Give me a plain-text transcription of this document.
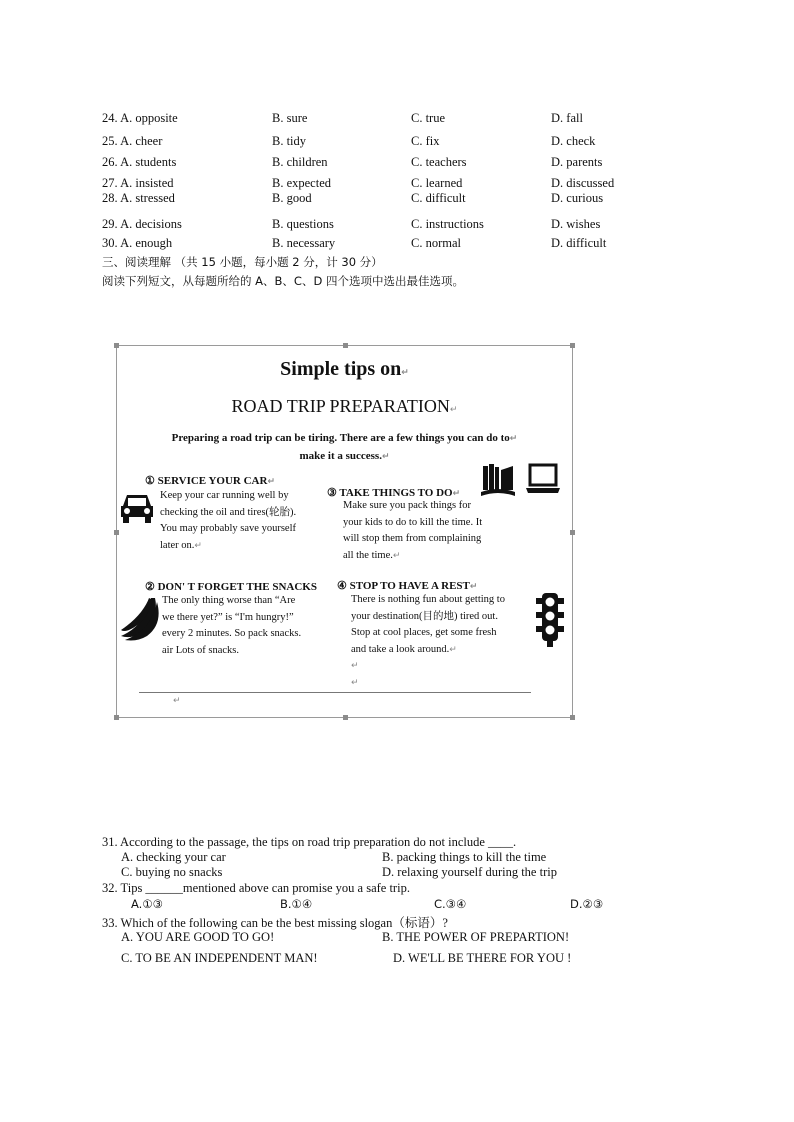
24. A. opposite	B. sure	C. true	D. fall
25. A. cheer	B. tidy	C. fix	D. check
26. A. students	B. children	C. teachers	D. parents
27. A. insisted	B. expected	C. learned	D. discussed
28. A. stressed	B. good	C. difficult	D. curious
29. A. decisions	B. questions	C. instructions	D. wishes
30. A. enough	B. necessary	C. normal	D. difficult
三、阅读理解 （共 15 小题，每小题 2 分，计 30 分）
阅读下列短文，从每题所给的 A、B、C、D 四个选项中选出最佳选项。
Simple tips on↵
ROAD TRIP PREPARATION↵
Preparing a road trip can be tiring. There are a few things you can do to↵
make it a success.↵
① SERVICE YOUR CAR↵
Keep your car running well by
checking the oil and tires(轮胎).
You may probably save yourself
later on.↵
③ TAKE THINGS TO DO↵
Make sure you pack things for
your kids to do to kill the time. It
will stop them from complaining
all the time.↵
② DON' T FORGET THE SNACKS
The only thing worse than “Are
we there yet?” is “I'm hungry!”
every 2 minutes. So pack snacks.
air Lots of snacks.
④ STOP TO HAVE A REST↵
There is nothing fun about getting to
your destination(目的地) tired out.
Stop at cool places, get some fresh
and take a look around.↵
↵
↵
↵
31. According to the passage, the tips on road trip preparation do not include ____.
A. checking your car	B. packing things to kill the time
C. buying no snacks	D. relaxing yourself during the trip
32. Tips ______mentioned above can promise you a safe trip.
A.①③	B.①④	C.③④	D.②③
33. Which of the following can be the best missing slogan（标语）?
A. YOU ARE GOOD TO GO!	B. THE POWER OF PREPARTION!
C. TO BE AN INDEPENDENT MAN!	D. WE'LL BE THERE FOR YOU !
